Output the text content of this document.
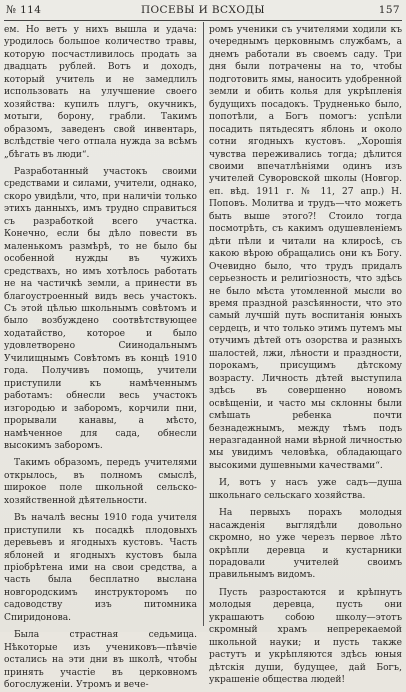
№ 114	ПОСЕВЫ И ВСХОДЫ	157

ем. Но ветъ у нихъ вышла и удача: уродилось большое количество травы, которую посчастливилось продать за двадцать рублей. Вотъ и доходъ, который учитель и не замедлилъ использовать на улучшение своего хозяйства: купилъ плугъ, окучникъ, мотыги, борону, грабли. Такимъ образомъ, заведенъ свой инвентарь, вслѣдствіе чего отпала нужда за всѣмъ „бѣгать въ люди“.

Разработанный участокъ своими средствами и силами, учители, однако, скоро увидѣли, что, при наличіи только этихъ данныхъ, имъ трудно справиться съ разработкой всего участка. Конечно, если бы дѣло повести въ маленькомъ размѣрѣ, то не было бы особенной нужды въ чужихъ средствахъ, но имъ хотѣлось работать не на частичкѣ земли, а принести въ благоустроенный видъ весь участокъ. Съ этой цѣлью школьнымъ совѣтомъ и было возбуждено соотвѣтствующее ходатайство, которое и было удовлетворено Сиинодальнымъ Училищнымъ Совѣтомъ въ концѣ 1910 года. Получивъ помощь, учители приступили къ намѣченнымъ работамъ: обнесли весь участокъ изгородью и заборомъ, корчили пни, прорывали канавы, а мѣсто, намѣченное для сада, обнесли высокимъ заборомъ.

Такимъ образомъ, передъ учителями открылось, въ полномъ смыслѣ, широкое поле школьной сельско-хозяйственной дѣятельности.

Въ началѣ весны 1910 года учителя приступили къ посадкѣ плодовыхъ деревьевъ и ягодныхъ кустовъ. Часть яблоней и ягодныхъ кустовъ была пріобрѣтена ими на свои средства, а часть была бесплатно выслана новгородскимъ инструкторомъ по садоводству изъ питомника Спиридонова.

Была страстная седьмица. Нѣкоторые изъ учениковъ—пѣвчіе остались на эти дни въ школѣ, чтобы принять участіе въ церковномъ богослуженіи. Утромъ и вече-

ромъ ученики съ учителями ходили къ очереднымъ церковнымъ службамъ, а днемъ работали въ своемъ саду. Три дня были потрачены на то, чтобы подготовить ямы, наносить удобренной земли и обить колья для укрѣпленія будущихъ посадокъ. Трудненько было, попотѣли, а Богъ помогъ: успѣли посадить пятьдесятъ яблонь и около сотни ягодныхъ кустовъ. „Хорошія чувства переживались тогда; дѣлится своими впечатлѣніями одинъ изъ учителей Суворовской школы (Новгор. еп. вѣд. 1911 г. № 11, 27 апр.) Н. Поповъ. Молитва и трудъ—что можетъ быть выше этого?! Стоило тогда посмотрѣть, съ какимъ одушевленіемъ дѣти пѣли и читали на клиросѣ, съ какою вѣрою обращались они къ Богу. Очевидно было, что трудъ придалъ серьезность и религіозность, что здѣсь не было мѣста утомленной мысли во время праздной разсѣянности, что это самый лучшій путь воспитанія юныхъ сердецъ, и что только этимъ путемъ мы отучимъ дѣтей отъ озорства и разныхъ шалостей, лжи, лѣности и праздности, порокамъ, присущимъ дѣтскому возрасту. Личность дѣтей выступила здѣсь въ совершенно новомъ освѣщеніи, и часто мы склонны были смѣшать ребенка почти безнадежнымъ, между тѣмъ подъ неразгаданной нами вѣрной личностью мы увидимъ человѣка, обладающаго высокими душевными качествами“.

И, вотъ у насъ уже садъ—душа школьнаго сельскаго хозяйства.

На первыхъ порахъ молодыя насажденія выглядѣли довольно скромно, но уже черезъ первое лѣто окрѣпли деревца и кустарники порадовали учителей своимъ правильнымъ видомъ.

Пусть разростаются и крѣпнутъ молодыя деревца, пусть они украшаютъ собою школу—этотъ скромный храмъ непререкаемой школьной науки; и пусть также растутъ и укрѣпляются здѣсь юныя дѣтскія души, будущее, дай Богъ, украшеніе общества людей!
